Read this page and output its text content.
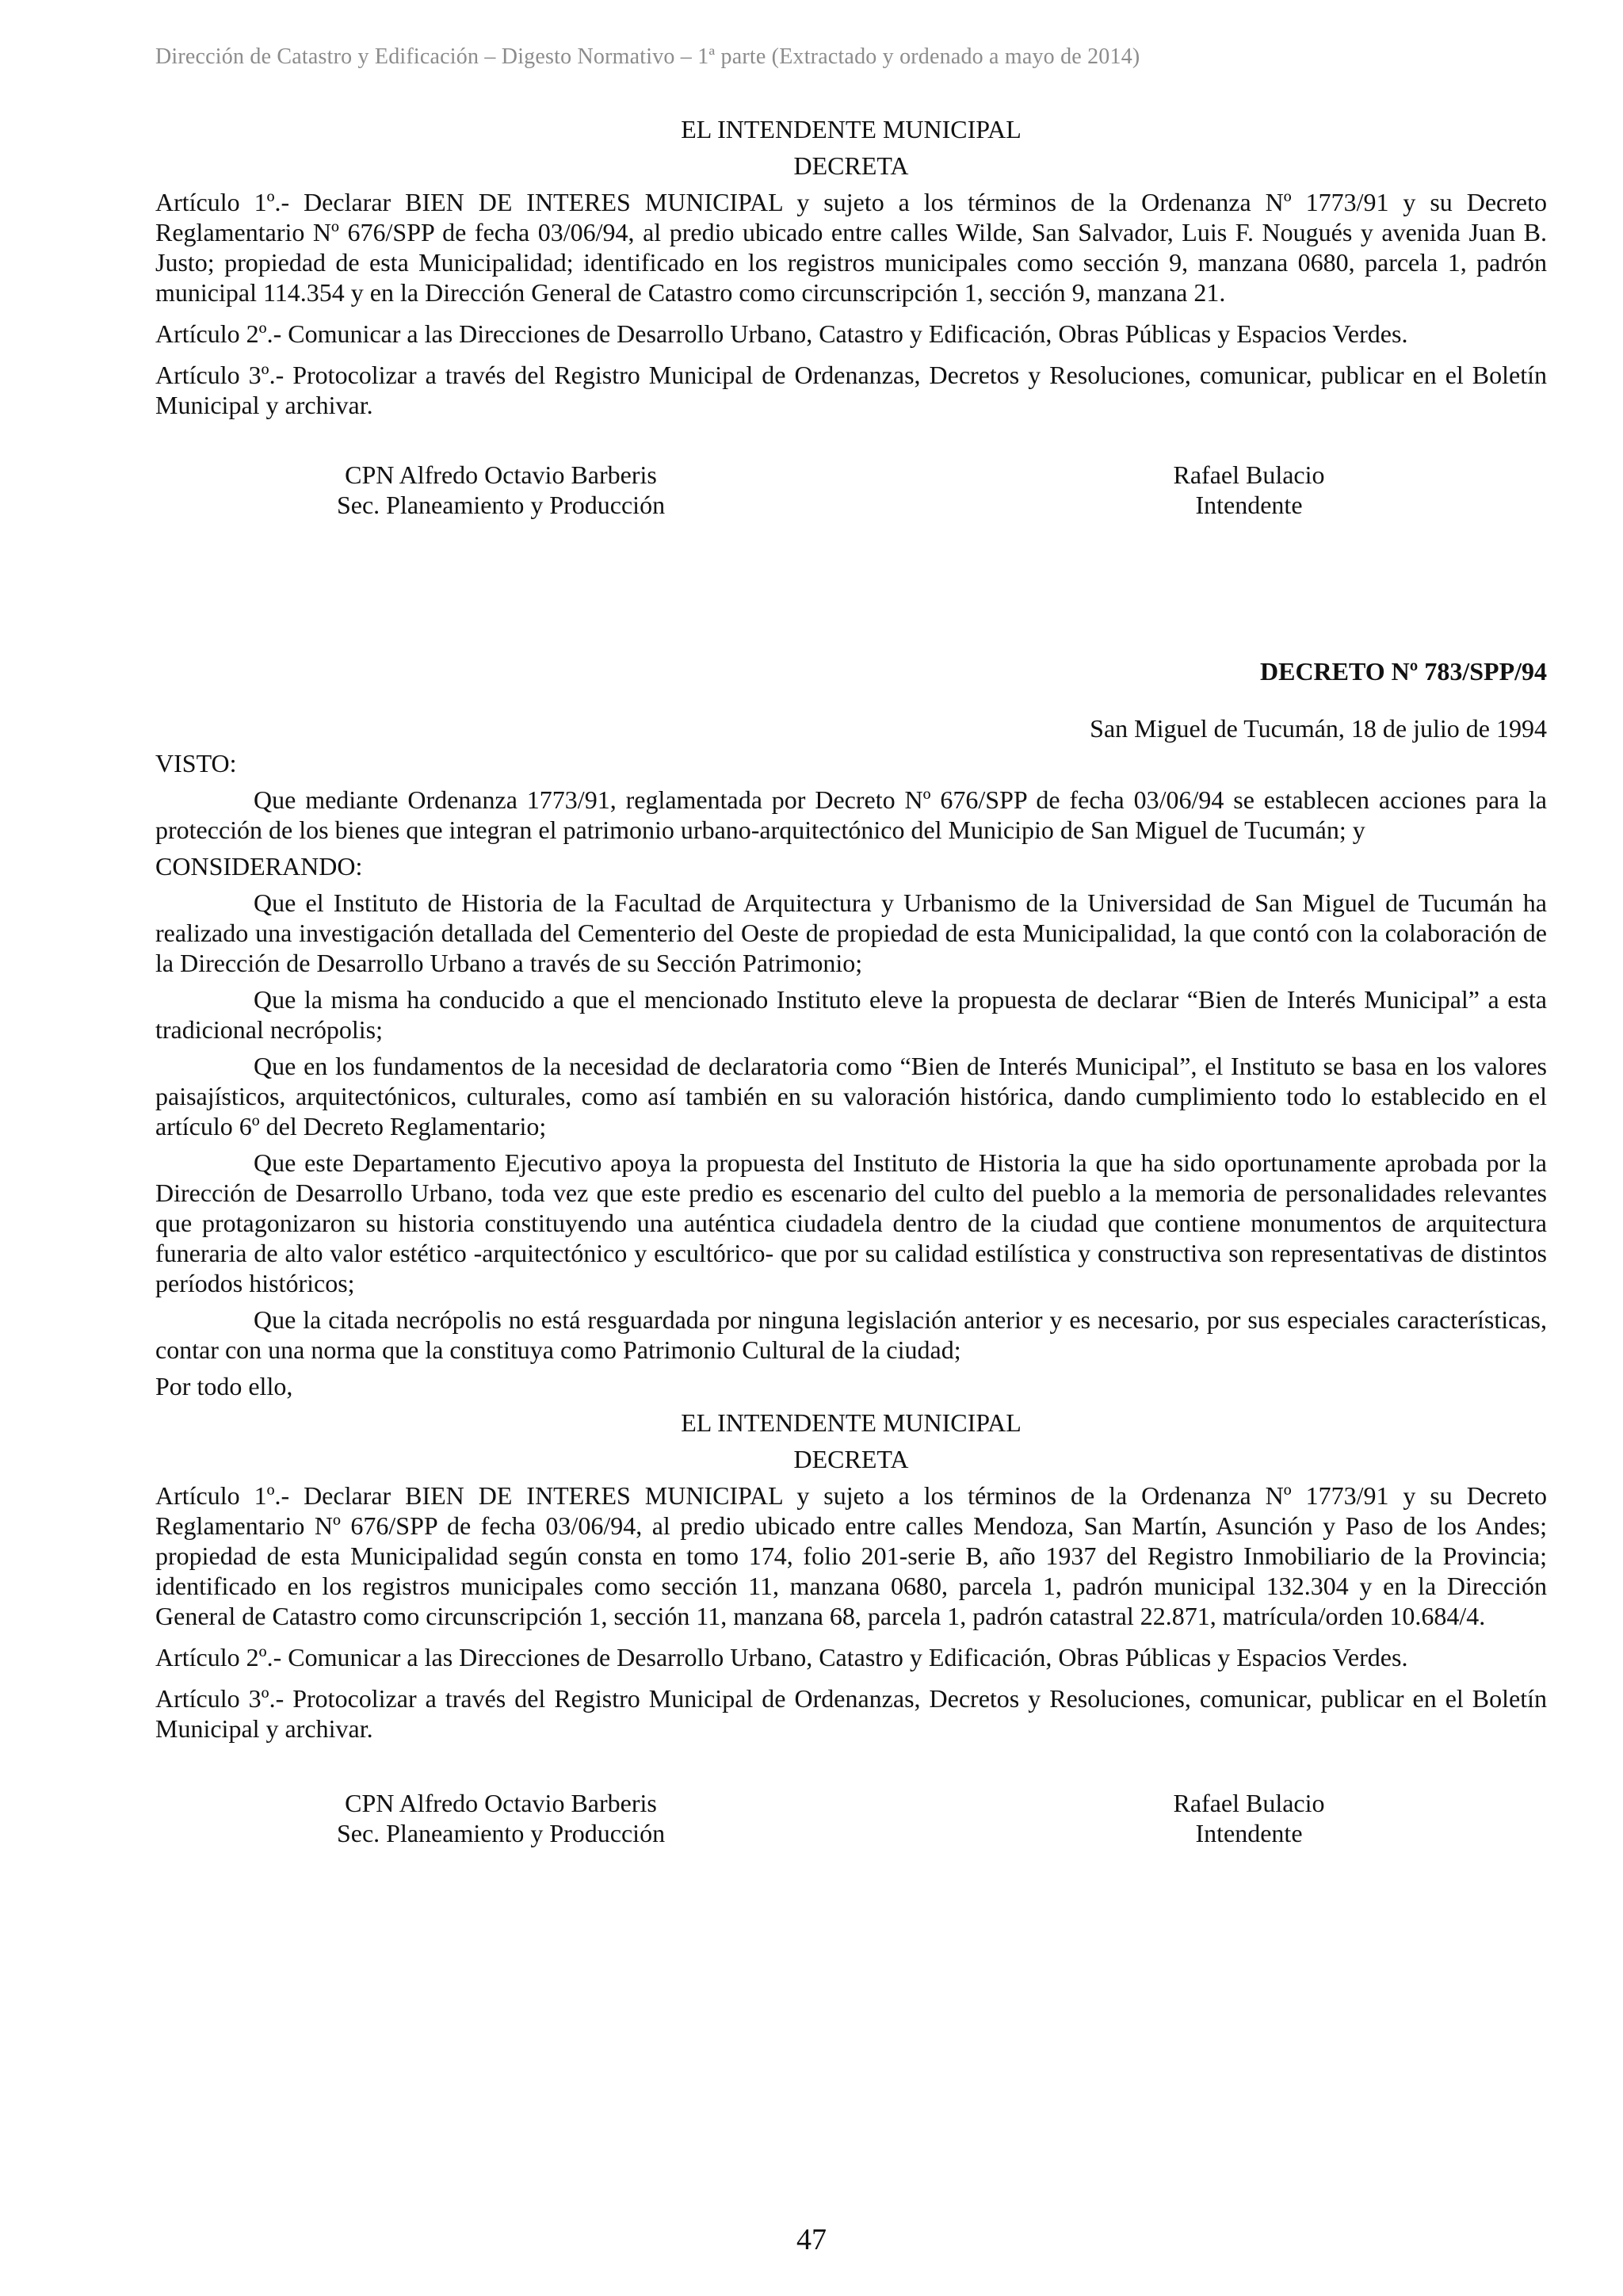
Dirección de Catastro y Edificación – Digesto Normativo – 1ª parte (Extractado y ordenado a mayo de 2014)

EL INTENDENTE MUNICIPAL

DECRETA

Artículo 1º.- Declarar BIEN DE INTERES MUNICIPAL y sujeto a los términos de la Ordenanza Nº 1773/91 y su Decreto Reglamentario Nº 676/SPP de fecha 03/06/94, al predio ubicado entre calles Wilde, San Salvador, Luis F. Nougués y avenida Juan B. Justo; propiedad de esta Municipalidad; identificado en los registros municipales como sección 9, manzana 0680, parcela 1, padrón municipal 114.354 y en la Dirección General de Catastro como circunscripción 1, sección 9, manzana 21.

Artículo 2º.- Comunicar a las Direcciones de Desarrollo Urbano, Catastro y Edificación, Obras Públicas y Espacios Verdes.

Artículo 3º.- Protocolizar a través del Registro Municipal de Ordenanzas, Decretos y Resoluciones, comunicar, publicar en el Boletín Municipal y archivar.

CPN Alfredo Octavio Barberis
Sec. Planeamiento y Producción
Rafael Bulacio
Intendente

DECRETO Nº 783/SPP/94

San Miguel de Tucumán, 18 de julio de 1994

VISTO:

Que mediante Ordenanza 1773/91, reglamentada por Decreto Nº 676/SPP de fecha 03/06/94 se establecen acciones para la protección de los bienes que integran el patrimonio urbano-arquitectónico del Municipio de San Miguel de Tucumán; y

CONSIDERANDO:

Que el Instituto de Historia de la Facultad de Arquitectura y Urbanismo de la Universidad de San Miguel de Tucumán ha realizado una investigación detallada del Cementerio del Oeste de propiedad de esta Municipalidad, la que contó con la colaboración de la Dirección de Desarrollo Urbano a través de su Sección Patrimonio;

Que la misma ha conducido a que el mencionado Instituto eleve la propuesta de declarar “Bien de Interés Municipal” a esta tradicional necrópolis;

Que en los fundamentos de la necesidad de declaratoria como “Bien de Interés Municipal”, el Instituto se basa en los valores paisajísticos, arquitectónicos, culturales, como así también en su valoración histórica, dando cumplimiento todo lo establecido en el artículo 6º del Decreto Reglamentario;

Que este Departamento Ejecutivo apoya la propuesta del Instituto de Historia la que ha sido oportunamente aprobada por la Dirección de Desarrollo Urbano, toda vez que este predio es escenario del culto del pueblo a la memoria de personalidades relevantes que protagonizaron su historia constituyendo una auténtica ciudadela dentro de la ciudad que contiene monumentos de arquitectura funeraria de alto valor estético -arquitectónico y escultórico- que por su calidad estilística y constructiva son representativas de distintos períodos históricos;

Que la citada necrópolis no está resguardada por ninguna legislación anterior y es necesario, por sus especiales características, contar con una norma que la constituya como Patrimonio Cultural de la ciudad;

Por todo ello,

EL INTENDENTE MUNICIPAL

DECRETA

Artículo 1º.- Declarar BIEN DE INTERES MUNICIPAL y sujeto a los términos de la Ordenanza Nº 1773/91 y su Decreto Reglamentario Nº 676/SPP de fecha 03/06/94, al predio ubicado entre calles Mendoza, San Martín, Asunción y Paso de los Andes; propiedad de esta Municipalidad según consta en tomo 174, folio 201-serie B, año 1937 del Registro Inmobiliario de la Provincia; identificado en los registros municipales como sección 11, manzana 0680, parcela 1, padrón municipal 132.304 y en la Dirección General de Catastro como circunscripción 1, sección 11, manzana 68, parcela 1, padrón catastral 22.871, matrícula/orden 10.684/4.

Artículo 2º.- Comunicar a las Direcciones de Desarrollo Urbano, Catastro y Edificación, Obras Públicas y Espacios Verdes.

Artículo 3º.- Protocolizar a través del Registro Municipal de Ordenanzas, Decretos y Resoluciones, comunicar, publicar en el Boletín Municipal y archivar.

CPN Alfredo Octavio Barberis
Sec. Planeamiento y Producción
Rafael Bulacio
Intendente
47
